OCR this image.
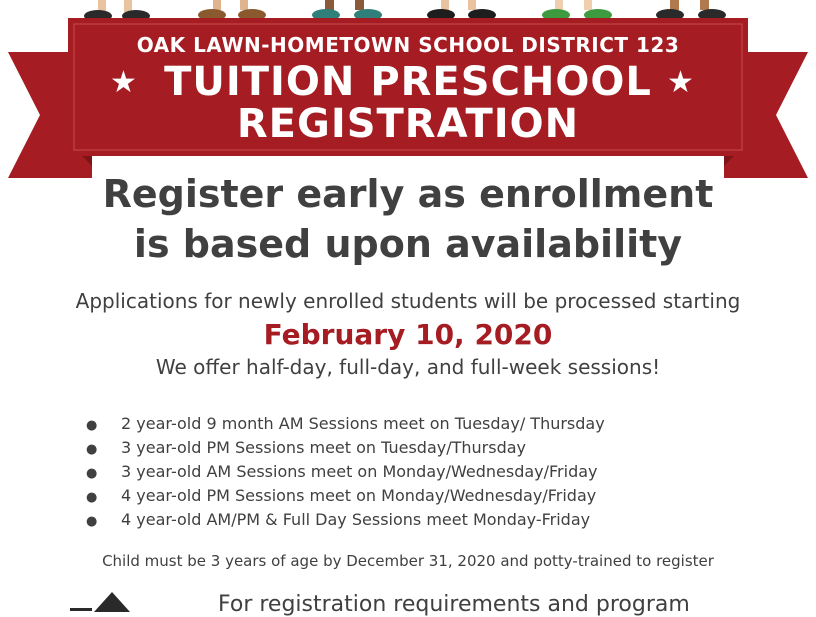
OAK LAWN-HOMETOWN SCHOOL DISTRICT 123
★	★
TUITION PRESCHOOL
REGISTRATION
Register early as enrollment
is based upon availability
Applications for newly enrolled students will be processed starting
February 10, 2020
We offer half-day, full-day, and full-week sessions!
● 2 year-old 9 month AM Sessions meet on Tuesday/ Thursday
● 3 year-old PM Sessions meet on Tuesday/Thursday
● 3 year-old AM Sessions meet on Monday/Wednesday/Friday
● 4 year-old PM Sessions meet on Monday/Wednesday/Friday
● 4 year-old AM/PM & Full Day Sessions meet Monday-Friday
Child must be 3 years of age by December 31, 2020 and potty-trained to register
For registration requirements and program
